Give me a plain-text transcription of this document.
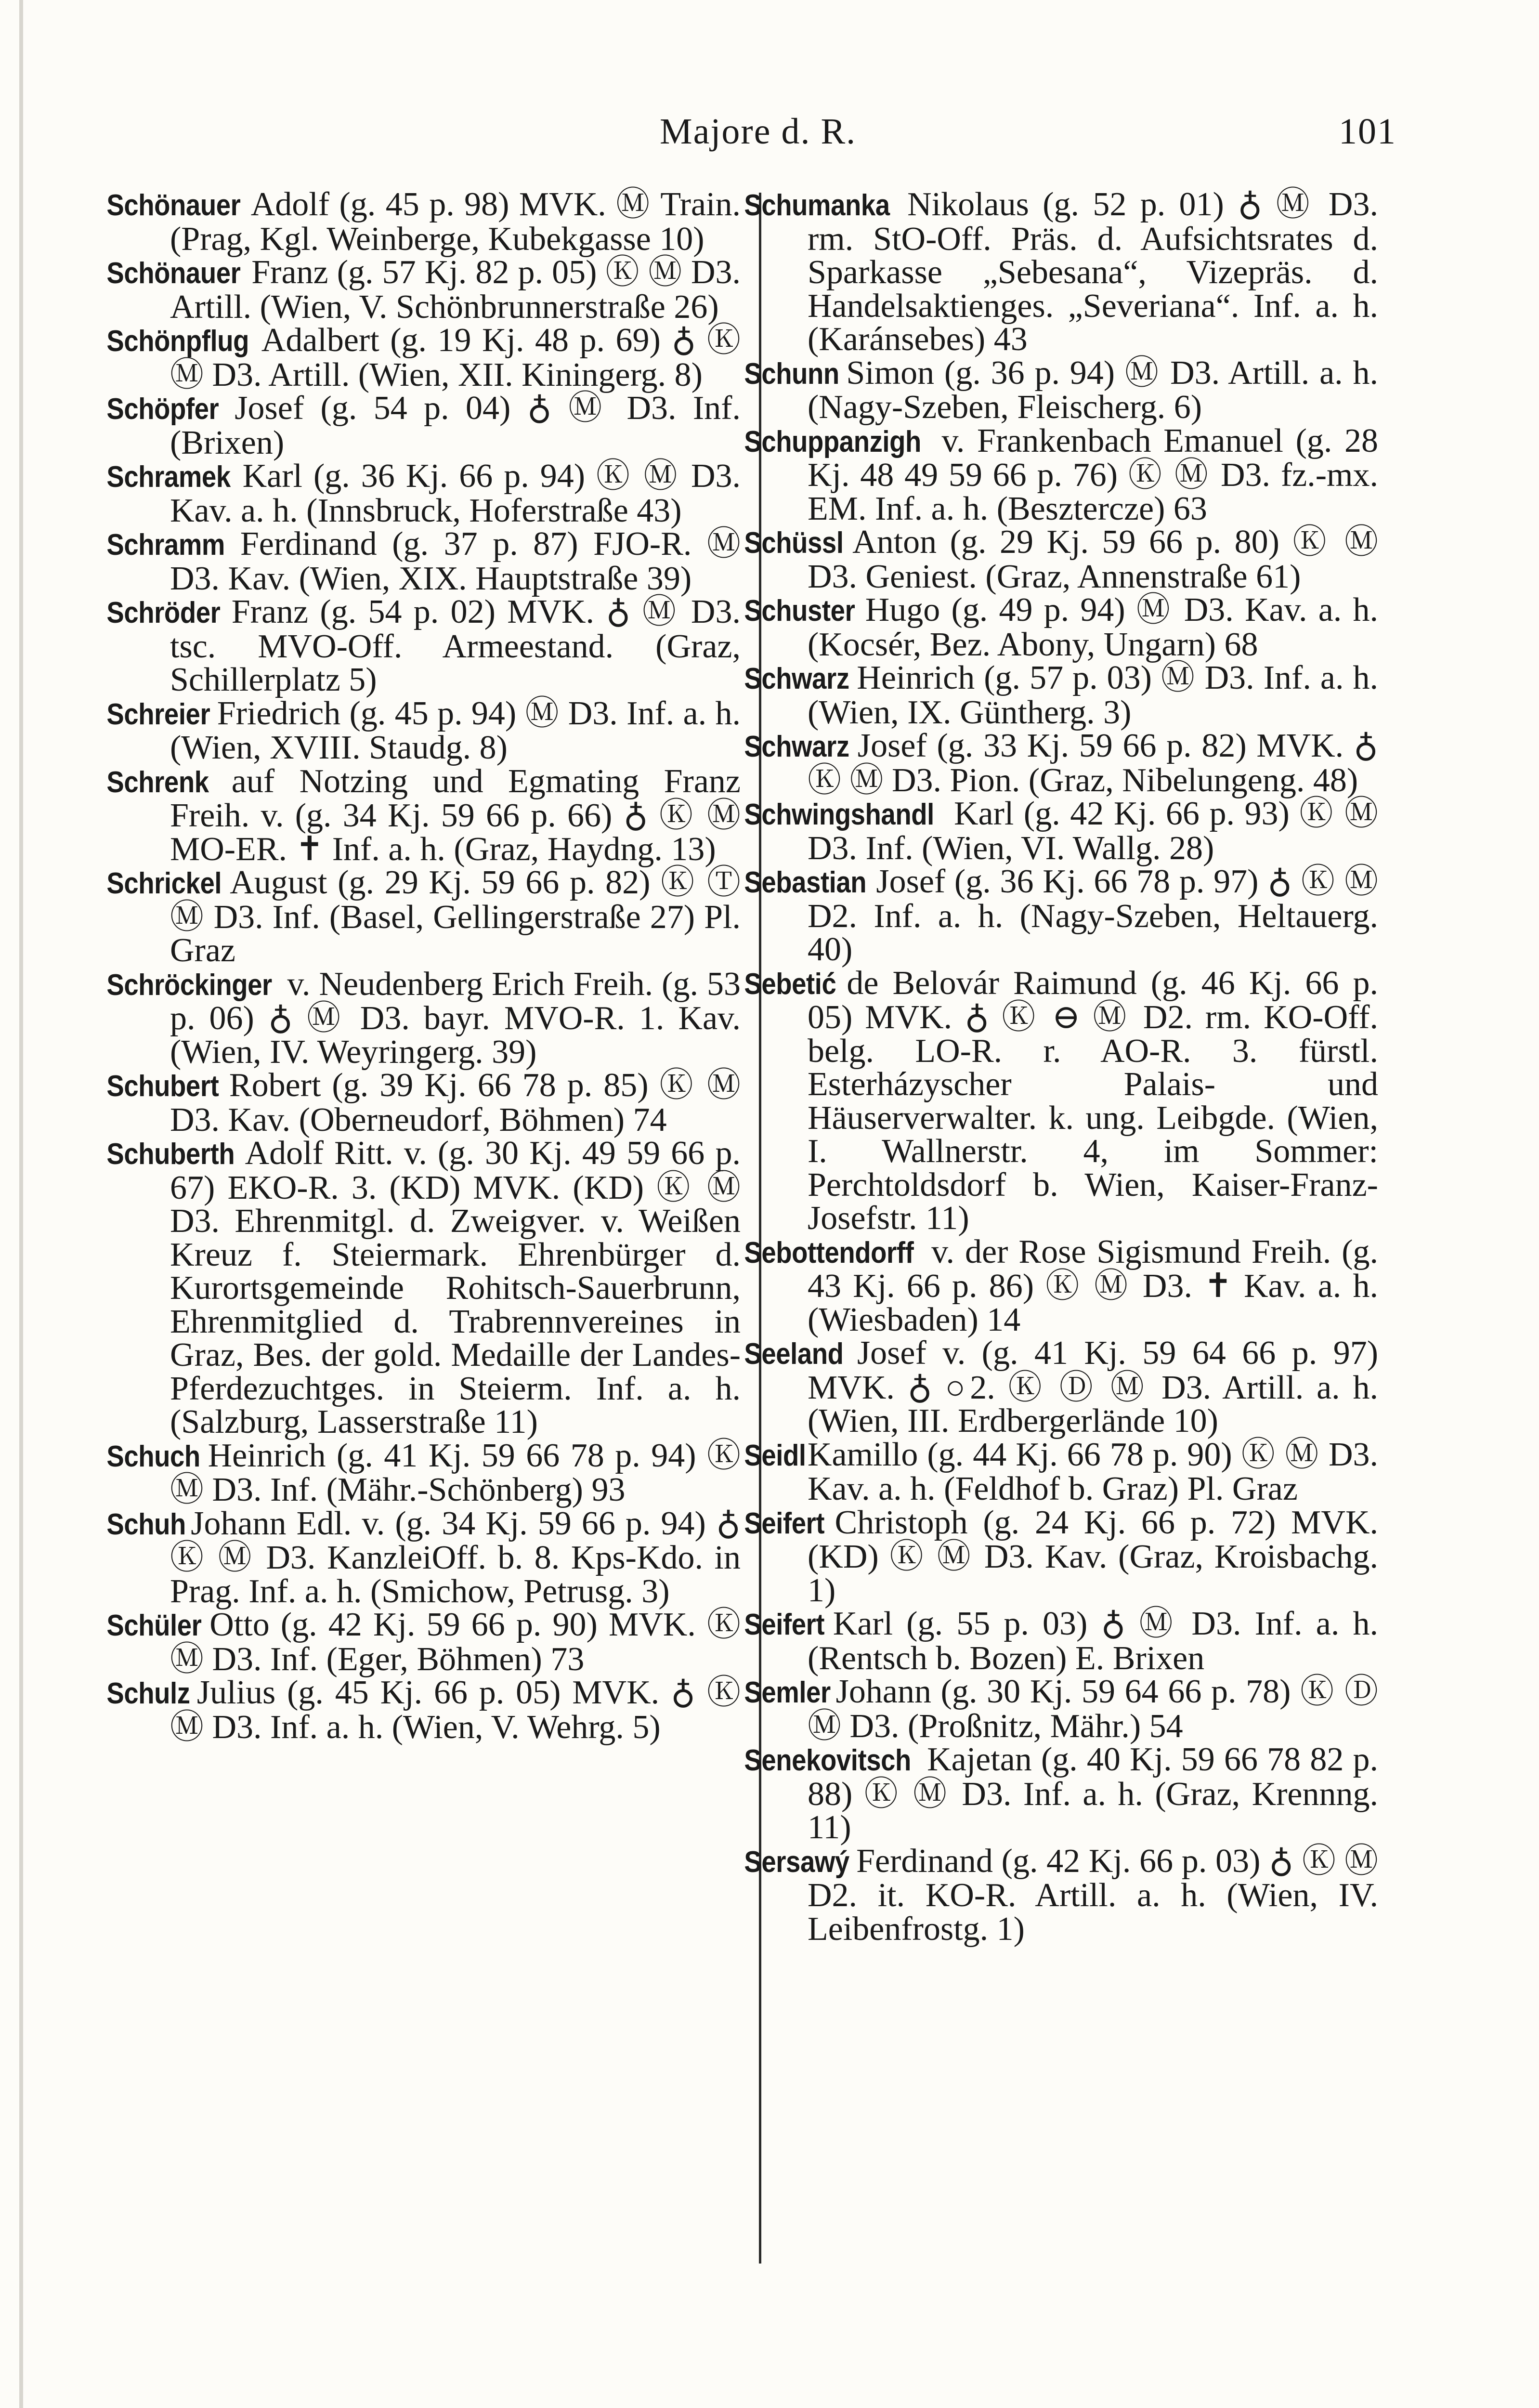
Majore d. R.	101

Schönauer Adolf (g. 45 p. 98) MVK. Ⓜ Train. (Prag, Kgl. Weinberge, Kubekgasse 10)

Schönauer Franz (g. 57 Kj. 82 p. 05) Ⓚ Ⓜ D3. Artill. (Wien, V. Schönbrunnerstraße 26)

Schönpflug Adalbert (g. 19 Kj. 48 p. 69) ♁ Ⓚ Ⓜ D3. Artill. (Wien, XII. Kiningerg. 8)

Schöpfer Josef (g. 54 p. 04) ♁ Ⓜ D3. Inf. (Brixen)

Schramek Karl (g. 36 Kj. 66 p. 94) Ⓚ Ⓜ D3. Kav. a. h. (Innsbruck, Hoferstraße 43)

Schramm Ferdinand (g. 37 p. 87) FJO-R. Ⓜ D3. Kav. (Wien, XIX. Hauptstraße 39)

Schröder Franz (g. 54 p. 02) MVK. ♁ Ⓜ D3. tsc. MVO-Off. Armeestand. (Graz, Schillerplatz 5)

Schreier Friedrich (g. 45 p. 94) Ⓜ D3. Inf. a. h. (Wien, XVIII. Staudg. 8)

Schrenk auf Notzing und Egmating Franz Freih. v. (g. 34 Kj. 59 66 p. 66) ♁ Ⓚ Ⓜ MO-ER. ✝ Inf. a. h. (Graz, Haydng. 13)

Schrickel August (g. 29 Kj. 59 66 p. 82) Ⓚ Ⓣ Ⓜ D3. Inf. (Basel, Gellingerstraße 27) Pl. Graz

Schröckinger v. Neudenberg Erich Freih. (g. 53 p. 06) ♁ Ⓜ D3. bayr. MVO-R. 1. Kav. (Wien, IV. Weyringerg. 39)

Schubert Robert (g. 39 Kj. 66 78 p. 85) Ⓚ Ⓜ D3. Kav. (Oberneudorf, Böhmen) 74

Schuberth Adolf Ritt. v. (g. 30 Kj. 49 59 66 p. 67) EKO-R. 3. (KD) MVK. (KD) Ⓚ Ⓜ D3. Ehrenmitgl. d. Zweigver. v. Weißen Kreuz f. Steiermark. Ehrenbürger d. Kurortsgemeinde Rohitsch-Sauerbrunn, Ehrenmitglied d. Trabrennvereines in Graz, Bes. der gold. Medaille der Landes-Pferdezuchtges. in Steierm. Inf. a. h. (Salzburg, Lasserstraße 11)

Schuch Heinrich (g. 41 Kj. 59 66 78 p. 94) Ⓚ Ⓜ D3. Inf. (Mähr.-Schönberg) 93

Schuh Johann Edl. v. (g. 34 Kj. 59 66 p. 94) ♁ Ⓚ Ⓜ D3. KanzleiOff. b. 8. Kps-Kdo. in Prag. Inf. a. h. (Smichow, Petrusg. 3)

Schüler Otto (g. 42 Kj. 59 66 p. 90) MVK. Ⓚ Ⓜ D3. Inf. (Eger, Böhmen) 73

Schulz Julius (g. 45 Kj. 66 p. 05) MVK. ♁ Ⓚ Ⓜ D3. Inf. a. h. (Wien, V. Wehrg. 5)

Schumanka Nikolaus (g. 52 p. 01) ♁ Ⓜ D3. rm. StO-Off. Präs. d. Aufsichtsrates d. Sparkasse „Sebesana“, Vizepräs. d. Handelsaktienges. „Severiana“. Inf. a. h. (Karánsebes) 43

Schunn Simon (g. 36 p. 94) Ⓜ D3. Artill. a. h. (Nagy-Szeben, Fleischerg. 6)

Schuppanzigh v. Frankenbach Emanuel (g. 28 Kj. 48 49 59 66 p. 76) Ⓚ Ⓜ D3. fz.-mx. EM. Inf. a. h. (Beszterczе) 63

Schüssl Anton (g. 29 Kj. 59 66 p. 80) Ⓚ Ⓜ D3. Geniest. (Graz, Annenstraße 61)

Schuster Hugo (g. 49 p. 94) Ⓜ D3. Kav. a. h. (Kocsér, Bez. Abony, Ungarn) 68

Schwarz Heinrich (g. 57 p. 03) Ⓜ D3. Inf. a. h. (Wien, IX. Güntherg. 3)

Schwarz Josef (g. 33 Kj. 59 66 p. 82) MVK. ♁ Ⓚ Ⓜ D3. Pion. (Graz, Nibelungeng. 48)

Schwingshandl Karl (g. 42 Kj. 66 p. 93) Ⓚ Ⓜ D3. Inf. (Wien, VI. Wallg. 28)

Sebastian Josef (g. 36 Kj. 66 78 p. 97) ♁ Ⓚ Ⓜ D2. Inf. a. h. (Nagy-Szeben, Heltauerg. 40)

Sebetić de Belovár Raimund (g. 46 Kj. 66 p. 05) MVK. ♁ Ⓚ ⊖ Ⓜ D2. rm. KO-Off. belg. LO-R. r. AO-R. 3. fürstl. Esterházyscher Palais- und Häuserverwalter. k. ung. Leibgde. (Wien, I. Wallnerstr. 4, im Sommer: Perchtoldsdorf b. Wien, Kaiser-Franz-Josefstr. 11)

Sebottendorff v. der Rose Sigismund Freih. (g. 43 Kj. 66 p. 86) Ⓚ Ⓜ D3. ✝ Kav. a. h. (Wiesbaden) 14

Seeland Josef v. (g. 41 Kj. 59 64 66 p. 97) MVK. ♁ ○2. Ⓚ Ⓓ Ⓜ D3. Artill. a. h. (Wien, III. Erdbergerlände 10)

Seidl Kamillo (g. 44 Kj. 66 78 p. 90) Ⓚ Ⓜ D3. Kav. a. h. (Feldhof b. Graz) Pl. Graz

Seifert Christoph (g. 24 Kj. 66 p. 72) MVK. (KD) Ⓚ Ⓜ D3. Kav. (Graz, Kroisbachg. 1)

Seifert Karl (g. 55 p. 03) ♁ Ⓜ D3. Inf. a. h. (Rentsch b. Bozen) E. Brixen

Semler Johann (g. 30 Kj. 59 64 66 p. 78) Ⓚ Ⓓ Ⓜ D3. (Proßnitz, Mähr.) 54

Senekovitsch Kajetan (g. 40 Kj. 59 66 78 82 p. 88) Ⓚ Ⓜ D3. Inf. a. h. (Graz, Krennng. 11)

Sersawý Ferdinand (g. 42 Kj. 66 p. 03) ♁ Ⓚ Ⓜ D2. it. KO-R. Artill. a. h. (Wien, IV. Leibenfrostg. 1)
